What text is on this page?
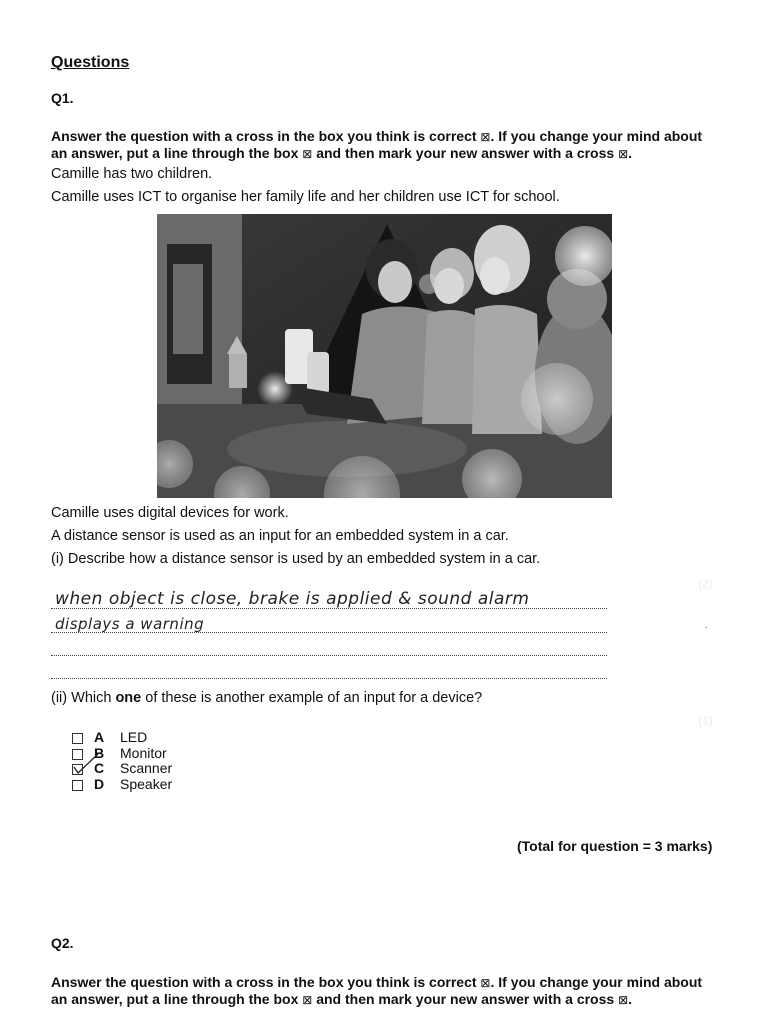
Questions
Q1.
Answer the question with a cross in the box you think is correct ⊠. If you change your mind about an answer, put a line through the box ⊠ and then mark your new answer with a cross ⊠.
Camille has two children.
Camille uses ICT to organise her family life and her children use ICT for school.
Camille uses digital devices for work.
A distance sensor is used as an input for an embedded system in a car.
(i) Describe how a distance sensor is used by an embedded system in a car.
when object is close, brake is applied & sound alarm
displays a warning
(2)
.
(ii) Which one of these is another example of an input for a device?
(1)
A LED
B Monitor
C Scanner
D Speaker
(Total for question = 3 marks)
Q2.
Answer the question with a cross in the box you think is correct ⊠. If you change your mind about an answer, put a line through the box ⊠ and then mark your new answer with a cross ⊠.
